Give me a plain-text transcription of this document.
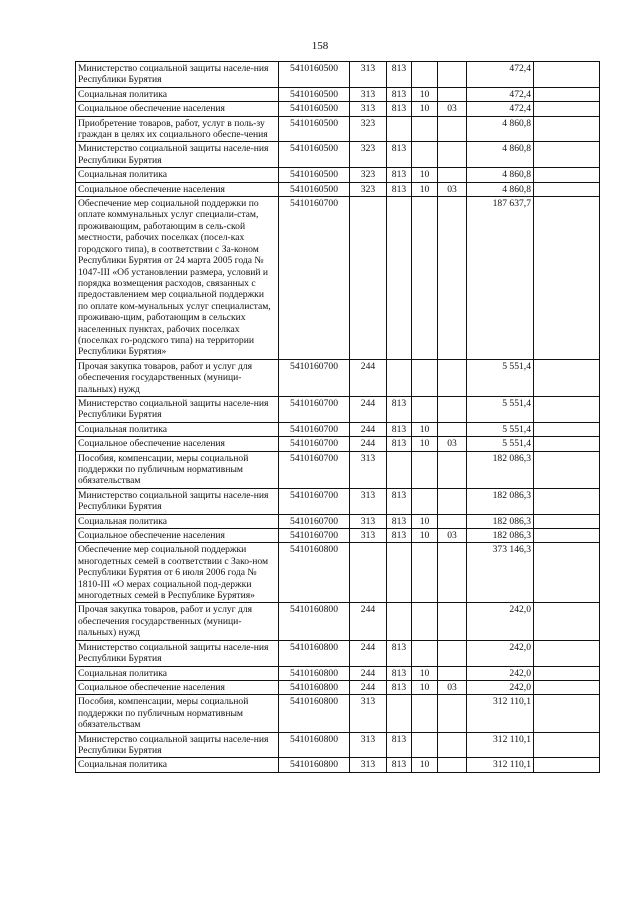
158
Министерство социальной защиты населе-ния Республики Бурятия	5410160500	313	813			472,4	
Социальная политика	5410160500	313	813	10		472,4	
Социальное обеспечение населения	5410160500	313	813	10	03	472,4	
Приобретение товаров, работ, услуг в поль-зу граждан в целях их социального обеспе-чения	5410160500	323				4 860,8	
Министерство социальной защиты населе-ния Республики Бурятия	5410160500	323	813			4 860,8	
Социальная политика	5410160500	323	813	10		4 860,8	
Социальное обеспечение населения	5410160500	323	813	10	03	4 860,8	
Обеспечение мер социальной поддержки по оплате коммунальных услуг специали-стам, проживающим, работающим в сель-ской местности, рабочих поселках (посел-ках городского типа), в соответствии с За-коном Республики Бурятия от 24 марта 2005 года № 1047-III «Об установлении размера, условий и порядка возмещения расходов, связанных с предоставлением мер социальной поддержки по оплате ком-мунальных услуг специалистам, проживаю-щим, работающим в сельских населенных пунктах, рабочих поселках (поселках го-родского типа) на территории Республики Бурятия»	5410160700					187 637,7	
Прочая закупка товаров, работ и услуг для обеспечения государственных (муници-пальных) нужд	5410160700	244				5 551,4	
Министерство социальной защиты населе-ния Республики Бурятия	5410160700	244	813			5 551,4	
Социальная политика	5410160700	244	813	10		5 551,4	
Социальное обеспечение населения	5410160700	244	813	10	03	5 551,4	
Пособия, компенсации, меры социальной поддержки по публичным нормативным обязательствам	5410160700	313				182 086,3	
Министерство социальной защиты населе-ния Республики Бурятия	5410160700	313	813			182 086,3	
Социальная политика	5410160700	313	813	10		182 086,3	
Социальное обеспечение населения	5410160700	313	813	10	03	182 086,3	
Обеспечение мер социальной поддержки многодетных семей в соответствии с Зако-ном Республики Бурятия от 6 июля 2006 года № 1810-III «О мерах социальной под-держки многодетных семей в Республике Бурятия»	5410160800					373 146,3	
Прочая закупка товаров, работ и услуг для обеспечения государственных (муници-пальных) нужд	5410160800	244				242,0	
Министерство социальной защиты населе-ния Республики Бурятия	5410160800	244	813			242,0	
Социальная политика	5410160800	244	813	10		242,0	
Социальное обеспечение населения	5410160800	244	813	10	03	242,0	
Пособия, компенсации, меры социальной поддержки по публичным нормативным обязательствам	5410160800	313				312 110,1	
Министерство социальной защиты населе-ния Республики Бурятия	5410160800	313	813			312 110,1	
Социальная политика	5410160800	313	813	10		312 110,1	
